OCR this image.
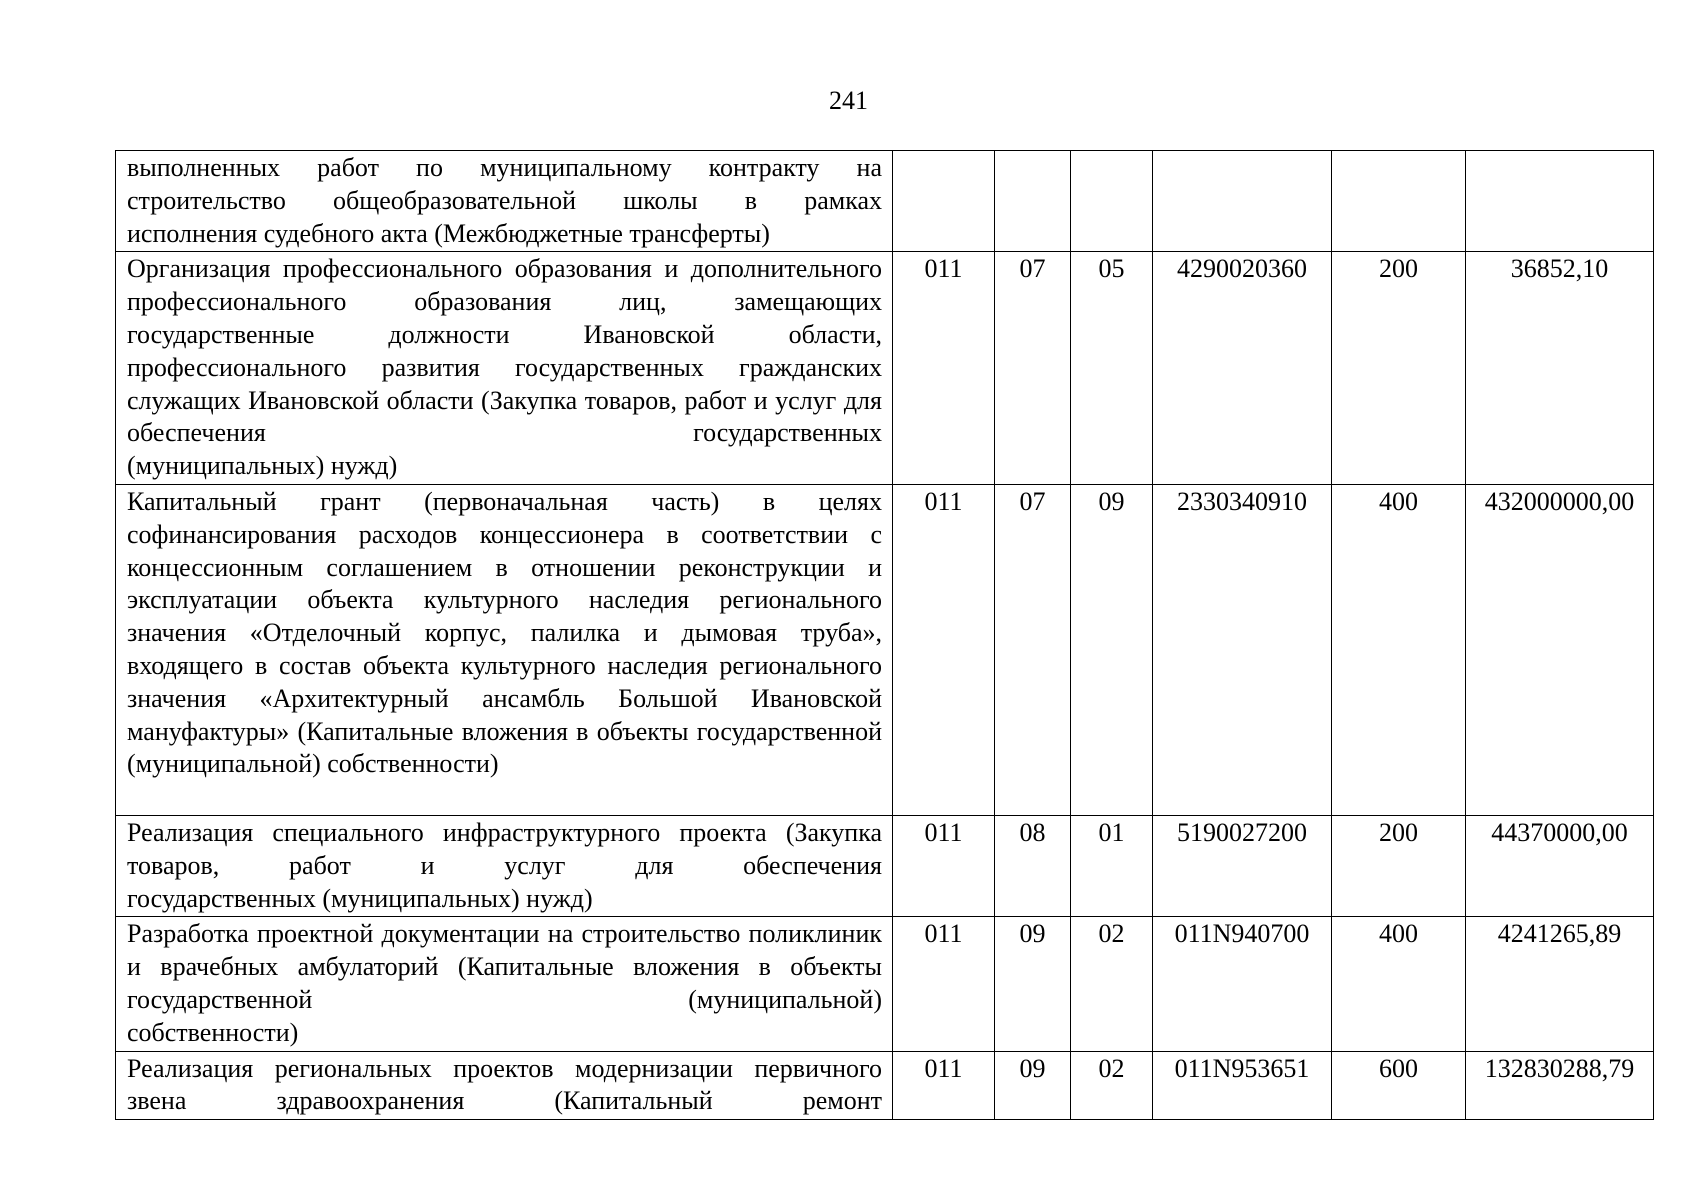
241
выполненных работ по муниципальному контракту на строительство общеобразовательной школы в рамках
исполнения судебного акта (Межбюджетные трансферты)						

Организация профессионального образования и дополнительного профессионального образования лиц, замещающих государственные должности Ивановской области, профессионального развития государственных гражданских служащих Ивановской области (Закупка товаров, работ и услуг для обеспечения государственных
(муниципальных) нужд)	011	07	05	4290020360	200	36852,10

Капитальный грант (первоначальная часть) в целях софинансирования расходов концессионера в соответствии с концессионным соглашением в отношении реконструкции и эксплуатации объекта культурного наследия регионального значения «Отделочный корпус, палилка и дымовая труба», входящего в состав объекта культурного наследия регионального значения «Архитектурный ансамбль Большой Ивановской мануфактуры» (Капитальные вложения в объекты государственной
(муниципальной) собственности)	011	07	09	2330340910	400	432000000,00

Реализация специального инфраструктурного проекта (Закупка товаров, работ и услуг для обеспечения
государственных (муниципальных) нужд)	011	08	01	5190027200	200	44370000,00

Разработка проектной документации на строительство поликлиник и врачебных амбулаторий (Капитальные вложения в объекты государственной (муниципальной)
собственности)	011	09	02	011N940700	400	4241265,89

Реализация региональных проектов модернизации первичного звена здравоохранения (Капитальный ремонт	011	09	02	011N953651	600	132830288,79
